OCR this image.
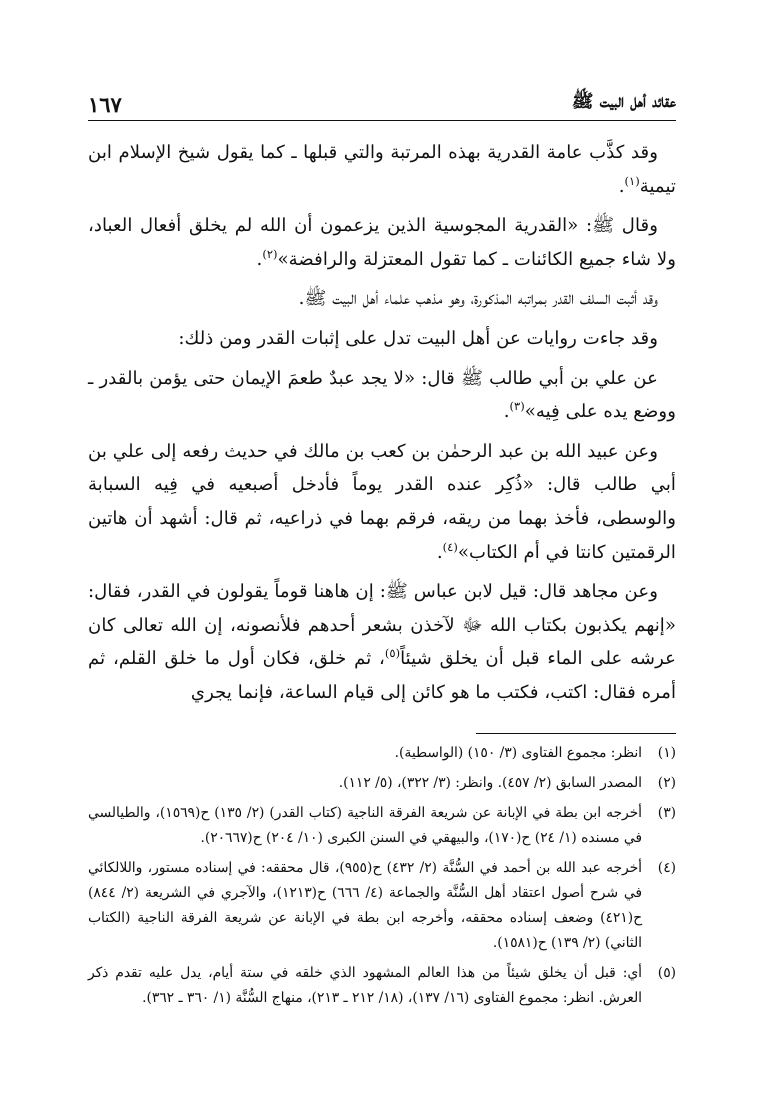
عقائد أهل البيت ﷺ
١٦٧

وقد كذَّب عامة القدرية بهذه المرتبة والتي قبلها ـ كما يقول شيخ الإسلام ابن تيمية$^{(١)}$.

وقال ﷺ: «القدرية المجوسية الذين يزعمون أن الله لم يخلق أفعال العباد، ولا شاء جميع الكائنات ـ كما تقول المعتزلة والرافضة»$^{(٢)}$.

وقد أثبت السلف القدر بمراتبه المذكورة، وهو مذهب علماء أهل البيت ﷺ.

وقد جاءت روايات عن أهل البيت تدل على إثبات القدر ومن ذلك:

عن علي بن أبي طالب ﷺ قال: «لا يجد عبدٌ طعمَ الإيمان حتى يؤمن بالقدر ـ ووضع يده على فِيه»$^{(٣)}$.

وعن عبيد الله بن عبد الرحمٰن بن كعب بن مالك في حديث رفعه إلى علي بن أبي طالب قال: «ذُكِر عنده القدر يوماً فأدخل أصبعيه في فِيه السبابة والوسطى، فأخذ بهما من ريقه، فرقم بهما في ذراعيه، ثم قال: أشهد أن هاتين الرقمتين كانتا في أم الكتاب»$^{(٤)}$.

وعن مجاهد قال: قيل لابن عباس ﷺ: إن هاهنا قوماً يقولون في القدر، فقال: «إنهم يكذبون بكتاب الله ﷻ لآخذن بشعر أحدهم فلأنصونه، إن الله تعالى كان عرشه على الماء قبل أن يخلق شيئاً$^{(٥)}$، ثم خلق، فكان أول ما خلق القلم، ثم أمره فقال: اكتب، فكتب ما هو كائن إلى قيام الساعة، فإنما يجري

(١)
انظر: مجموع الفتاوى (٣/ ١٥٠) (الواسطية).
(٢)
المصدر السابق (٢/ ٤٥٧). وانظر: (٣/ ٣٢٢)، (٥/ ١١٢).
(٣)
أخرجه ابن بطة في الإبانة عن شريعة الفرقة الناجية (كتاب القدر) (٢/ ١٣٥) ح(١٥٦٩)، والطيالسي في مسنده (١/ ٢٤) ح(١٧٠)، والبيهقي في السنن الكبرى (١٠/ ٢٠٤) ح(٢٠٦٦٧).
(٤)
أخرجه عبد الله بن أحمد في السُّنَّة (٢/ ٤٣٢) ح(٩٥٥)، قال محققه: في إسناده مستور، واللالكائي في شرح أصول اعتقاد أهل السُّنَّة والجماعة (٤/ ٦٦٦) ح(١٢١٣)، والآجري في الشريعة (٢/ ٨٤٤) ح(٤٢١) وضعف إسناده محققه، وأخرجه ابن بطة في الإبانة عن شريعة الفرقة الناجية (الكتاب الثاني) (٢/ ١٣٩) ح(١٥٨١).
(٥)
أي: قبل أن يخلق شيئاً من هذا العالم المشهود الذي خلقه في ستة أيام، يدل عليه تقدم ذكر العرش. انظر: مجموع الفتاوى (١٦/ ١٣٧)، (١٨/ ٢١٢ ـ ٢١٣)، منهاج السُّنَّة (١/ ٣٦٠ ـ ٣٦٢).
